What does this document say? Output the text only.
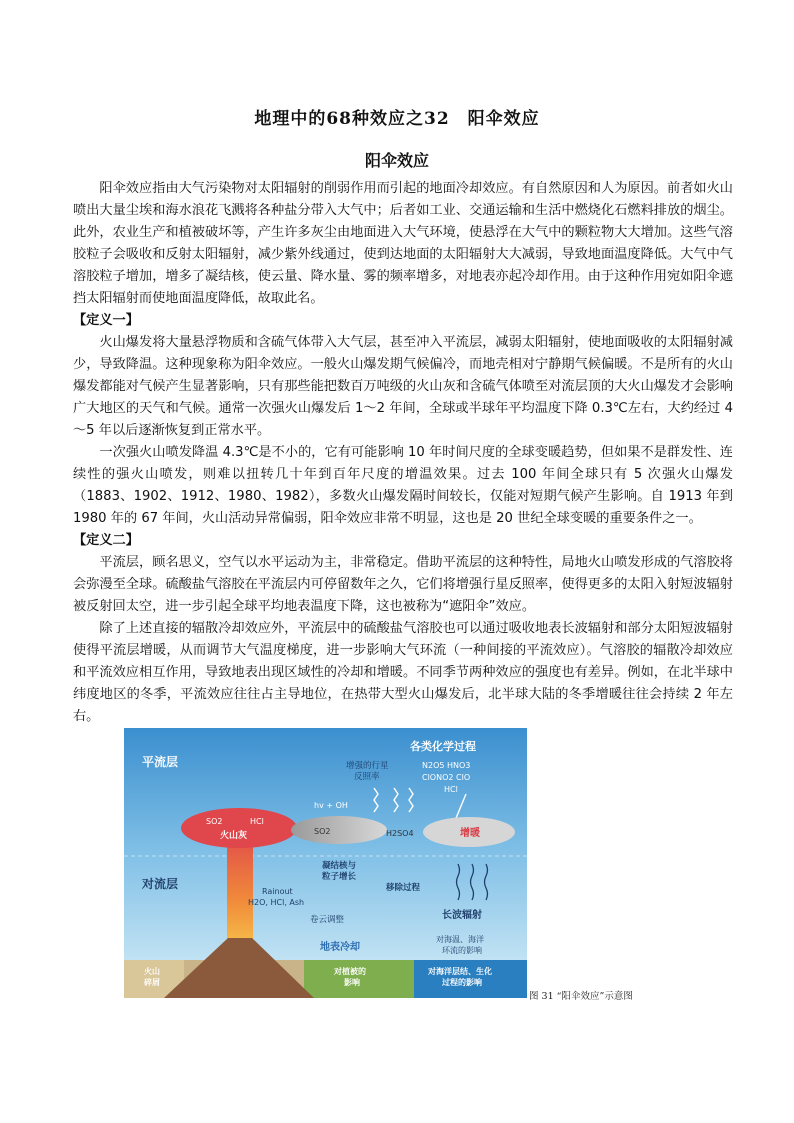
地理中的68种效应之32　阳伞效应
阳伞效应

阳伞效应指由大气污染物对太阳辐射的削弱作用而引起的地面冷却效应。有自然原因和人为原因。前者如火山喷出大量尘埃和海水浪花飞溅将各种盐分带入大气中；后者如工业、交通运输和生活中燃烧化石燃料排放的烟尘。此外，农业生产和植被破坏等，产生许多灰尘由地面进入大气环境，使悬浮在大气中的颗粒物大大增加。这些气溶胶粒子会吸收和反射太阳辐射，减少紫外线通过，使到达地面的太阳辐射大大减弱，导致地面温度降低。大气中气溶胶粒子增加，增多了凝结核，使云量、降水量、雾的频率增多，对地表亦起冷却作用。由于这种作用宛如阳伞遮挡太阳辐射而使地面温度降低，故取此名。

【定义一】

火山爆发将大量悬浮物质和含硫气体带入大气层，甚至冲入平流层，减弱太阳辐射，使地面吸收的太阳辐射减少，导致降温。这种现象称为阳伞效应。一般火山爆发期气候偏冷，而地壳相对宁静期气候偏暖。不是所有的火山爆发都能对气候产生显著影响，只有那些能把数百万吨级的火山灰和含硫气体喷至对流层顶的大火山爆发才会影响广大地区的天气和气候。通常一次强火山爆发后 1～2 年间，全球或半球年平均温度下降 0.3℃左右，大约经过 4～5 年以后逐渐恢复到正常水平。

一次强火山喷发降温 4.3℃是不小的，它有可能影响 10 年时间尺度的全球变暖趋势，但如果不是群发性、连续性的强火山喷发，则难以扭转几十年到百年尺度的增温效果。过去 100 年间全球只有 5 次强火山爆发（1883、1902、1912、1980、1982），多数火山爆发隔时间较长，仅能对短期气候产生影响。自 1913 年到 1980 年的 67 年间，火山活动异常偏弱，阳伞效应非常不明显，这也是 20 世纪全球变暖的重要条件之一。

【定义二】

平流层，顾名思义，空气以水平运动为主，非常稳定。借助平流层的这种特性，局地火山喷发形成的气溶胶将会弥漫至全球。硫酸盐气溶胶在平流层内可停留数年之久，它们将增强行星反照率，使得更多的太阳入射短波辐射被反射回太空，进一步引起全球平均地表温度下降，这也被称为“遮阳伞”效应。

除了上述直接的辐散冷却效应外，平流层中的硫酸盐气溶胶也可以通过吸收地表长波辐射和部分太阳短波辐射使得平流层增暖，从而调节大气温度梯度，进一步影响大气环流（一种间接的平流效应）。气溶胶的辐散冷却效应和平流效应相互作用，导致地表出现区域性的冷却和增暖。不同季节两种效应的强度也有差异。例如，在北半球中纬度地区的冬季，平流效应往往占主导地位，在热带大型火山爆发后，北半球大陆的冬季增暖往往会持续 2 年左右。

平流层
对流层
各类化学过程
N2O5 HNO3
ClONO2 ClO
HCl
增强的行星
反照率
SO2	HCl
火山灰
hv + OH
SO2	H2SO4	增暖
凝结核与
粒子增长
移除过程
Rainout
H2O, HCl, Ash
卷云调整	长波辐射
地表冷却
对海温、海洋
环流的影响
火山
碎屑
对植被的
影响
对海洋层结、生化
过程的影响
图 31 “阳伞效应”示意图
